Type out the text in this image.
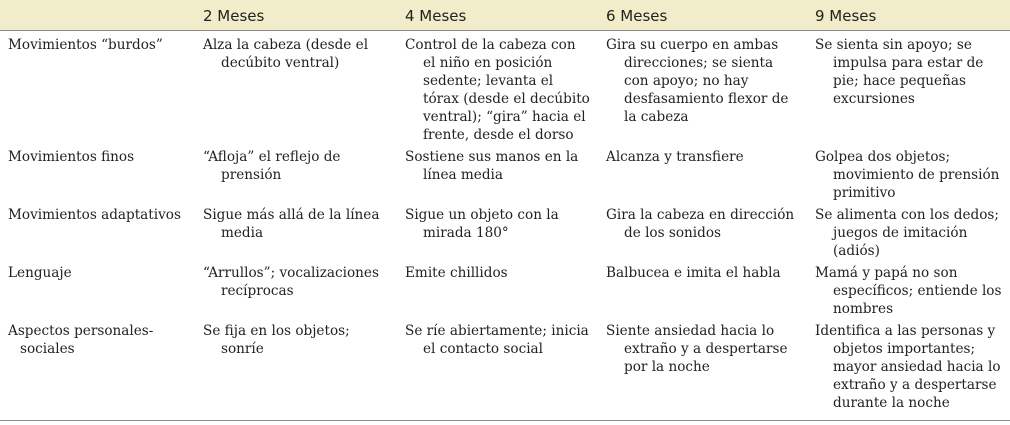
	2 Meses	4 Meses	6 Meses	9 Meses

Movimientos “burdos”	Alza la cabeza (desde el decúbito ventral)	Control de la cabeza con el niño en posición sedente; levanta el tórax (desde el decúbito ventral); “gira” hacia el frente, desde el dorso	Gira su cuerpo en ambas direcciones; se sienta con apoyo; no hay desfasamiento flexor de la cabeza	Se sienta sin apoyo; se impulsa para estar de pie; hace pequeñas excursiones

Movimientos finos	“Afloja” el reflejo de prensión	Sostiene sus manos en la línea media	Alcanza y transfiere	Golpea dos objetos; movimiento de prensión primitivo

Movimientos adaptativos	Sigue más allá de la línea media	Sigue un objeto con la mirada 180°	Gira la cabeza en dirección de los sonidos	Se alimenta con los dedos; juegos de imitación (adiós)

Lenguaje	“Arrullos”; vocalizaciones recíprocas	Emite chillidos	Balbucea e imita el habla	Mamá y papá no son específicos; entiende los nombres

Aspectos personales-sociales	Se fija en los objetos; sonríe	Se ríe abiertamente; inicia el contacto social	Siente ansiedad hacia lo extraño y a despertarse por la noche	Identifica a las personas y objetos importantes; mayor ansiedad hacia lo extraño y a despertarse durante la noche
